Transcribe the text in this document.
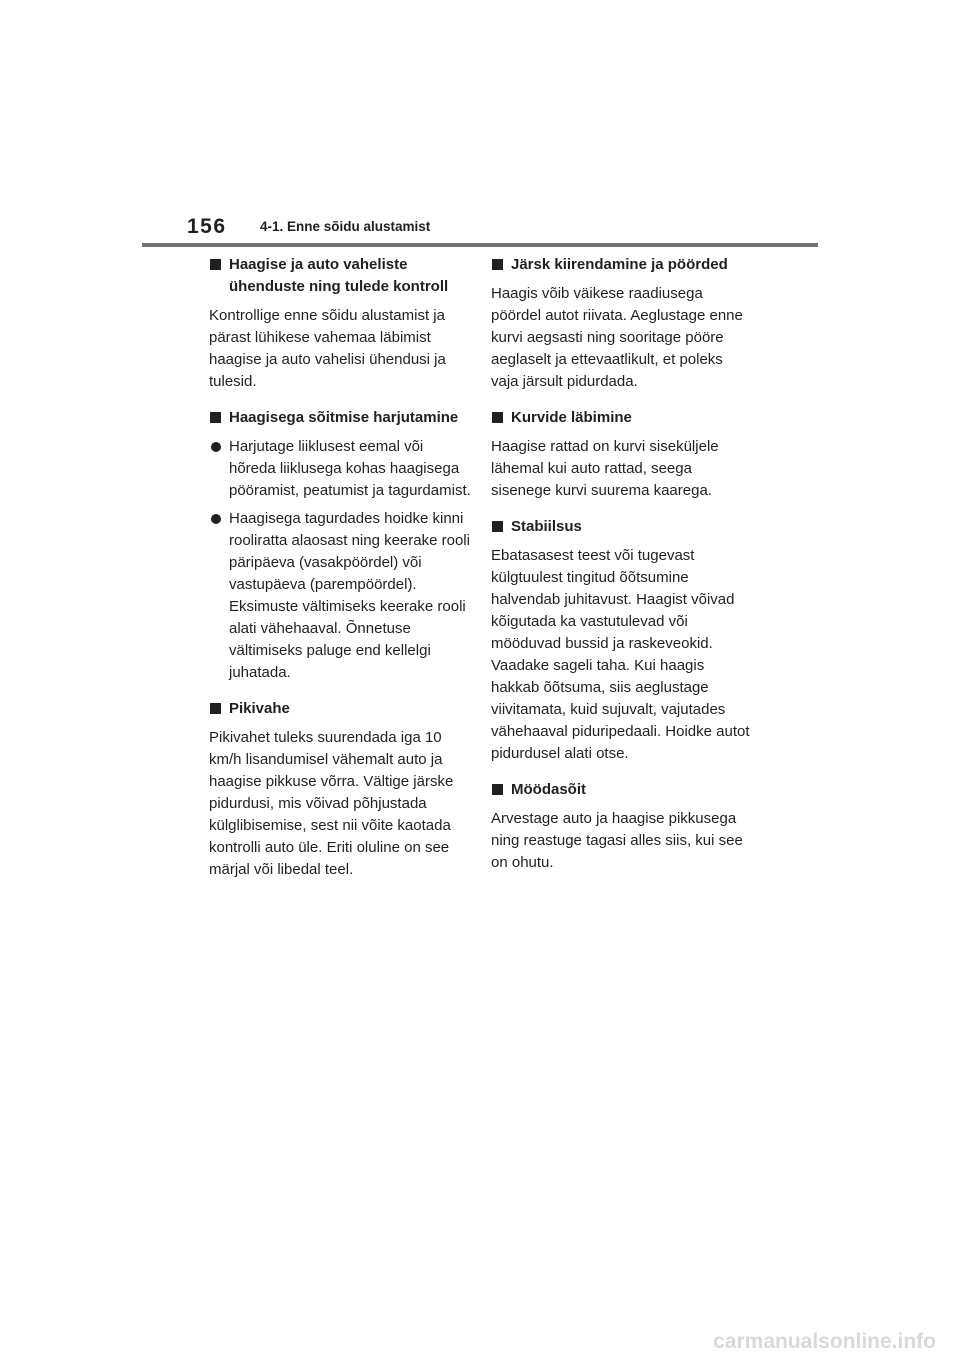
156 4-1. Enne sõidu alustamist
Haagise ja auto vaheliste ühenduste ning tulede kontroll

Kontrollige enne sõidu alustamist ja pärast lühikese vahemaa läbimist haagise ja auto vahelisi ühendusi ja tulesid.

Haagisega sõitmise harjutamine
Harjutage liiklusest eemal või hõreda liiklusega kohas haagisega pööramist, peatumist ja tagurdamist.
Haagisega tagurdades hoidke kinni rooliratta alaosast ning keerake rooli päripäeva (vasakpöördel) või vastupäeva (parempöördel). Eksimuste vältimiseks keerake rooli alati vähehaaval. Õnnetuse vältimiseks paluge end kellelgi juhatada.
Pikivahe

Pikivahet tuleks suurendada iga 10 km/h lisandumisel vähemalt auto ja haagise pikkuse võrra. Vältige järske pidurdusi, mis võivad põhjustada külglibisemise, sest nii võite kaotada kontrolli auto üle. Eriti oluline on see märjal või libedal teel.

Järsk kiirendamine ja pöörded

Haagis võib väikese raadiusega pöördel autot riivata. Aeglustage enne kurvi aegsasti ning sooritage pööre aeglaselt ja ettevaatlikult, et poleks vaja järsult pidurdada.

Kurvide läbimine

Haagise rattad on kurvi siseküljele lähemal kui auto rattad, seega sisenege kurvi suurema kaarega.

Stabiilsus

Ebatasasest teest või tugevast külgtuulest tingitud õõtsumine halvendab juhitavust. Haagist võivad kõigutada ka vastutulevad või mööduvad bussid ja raskeveokid. Vaadake sageli taha. Kui haagis hakkab õõtsuma, siis aeglustage viivitamata, kuid sujuvalt, vajutades vähehaaval piduripedaali. Hoidke autot pidurdusel alati otse.

Möödasõit

Arvestage auto ja haagise pikkusega ning reastuge tagasi alles siis, kui see on ohutu.

carmanualsonline.info
